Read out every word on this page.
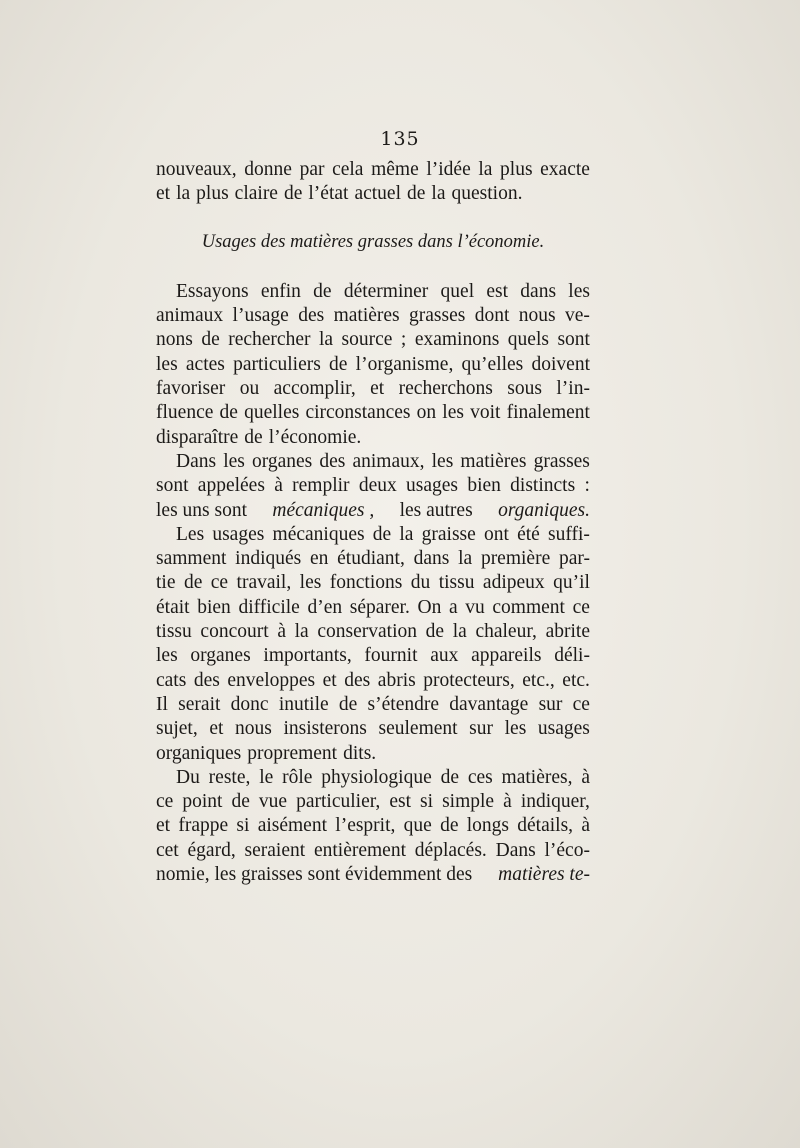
135
nouveaux, donne par cela même l’idée la plus exacte
et la plus claire de l’état actuel de la question.
Usages des matières grasses dans l’économie.
Essayons enfin de déterminer quel est dans les
animaux l’usage des matières grasses dont nous ve-
nons de rechercher la source ; examinons quels sont
les actes particuliers de l’organisme, qu’elles doivent
favoriser ou accomplir, et recherchons sous l’in-
fluence de quelles circonstances on les voit finalement
disparaître de l’économie.
Dans les organes des animaux, les matières grasses
sont appelées à remplir deux usages bien distincts :
les uns sont mécaniques , les autres organiques.
Les usages mécaniques de la graisse ont été suffi-
samment indiqués en étudiant, dans la première par-
tie de ce travail, les fonctions du tissu adipeux qu’il
était bien difficile d’en séparer. On a vu comment ce
tissu concourt à la conservation de la chaleur, abrite
les organes importants, fournit aux appareils déli-
cats des enveloppes et des abris protecteurs, etc., etc.
Il serait donc inutile de s’étendre davantage sur ce
sujet, et nous insisterons seulement sur les usages
organiques proprement dits.
Du reste, le rôle physiologique de ces matières, à
ce point de vue particulier, est si simple à indiquer,
et frappe si aisément l’esprit, que de longs détails, à
cet égard, seraient entièrement déplacés. Dans l’éco-
nomie, les graisses sont évidemment des matières te-
